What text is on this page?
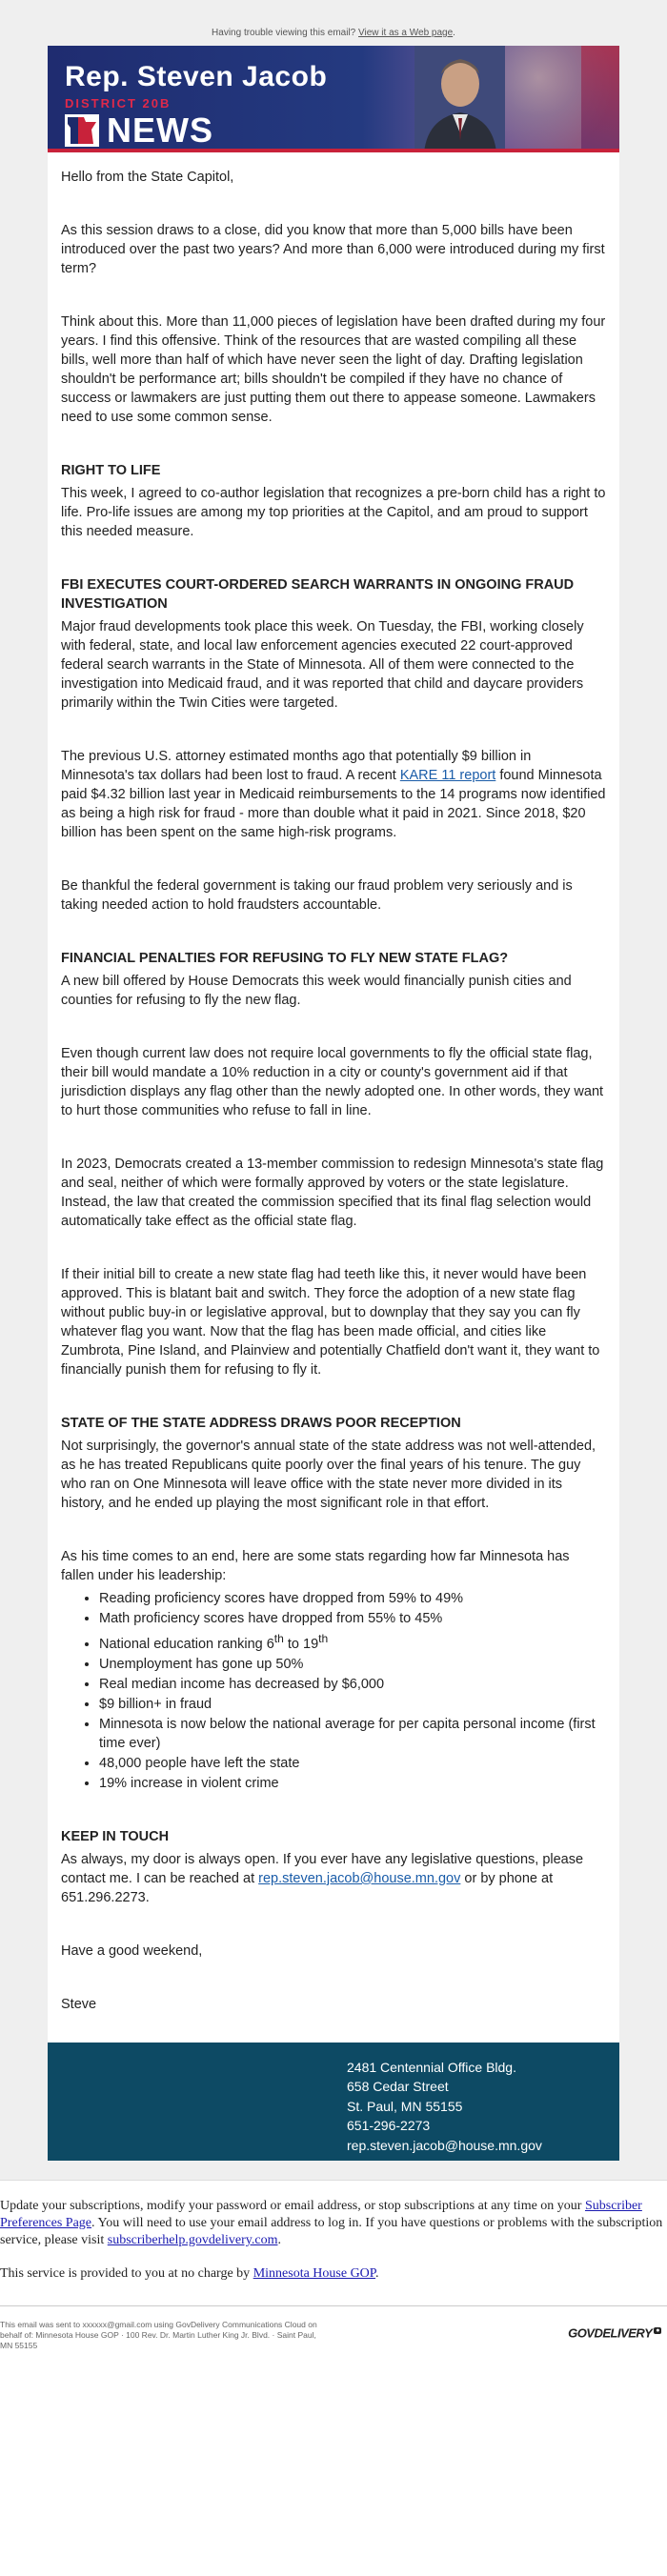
Having trouble viewing this email? View it as a Web page.
Rep. Steven Jacob
DISTRICT 20B
NEWS

Hello from the State Capitol,

As this session draws to a close, did you know that more than 5,000 bills have been introduced over the past two years? And more than 6,000 were introduced during my first term?

Think about this. More than 11,000 pieces of legislation have been drafted during my four years. I find this offensive. Think of the resources that are wasted compiling all these bills, well more than half of which have never seen the light of day. Drafting legislation shouldn't be performance art; bills shouldn't be compiled if they have no chance of success or lawmakers are just putting them out there to appease someone. Lawmakers need to use some common sense.

RIGHT TO LIFE

This week, I agreed to co-author legislation that recognizes a pre-born child has a right to life. Pro-life issues are among my top priorities at the Capitol, and am proud to support this needed measure.

FBI EXECUTES COURT-ORDERED SEARCH WARRANTS IN ONGOING FRAUD INVESTIGATION

Major fraud developments took place this week. On Tuesday, the FBI, working closely with federal, state, and local law enforcement agencies executed 22 court-approved federal search warrants in the State of Minnesota. All of them were connected to the investigation into Medicaid fraud, and it was reported that child and daycare providers primarily within the Twin Cities were targeted.

The previous U.S. attorney estimated months ago that potentially $9 billion in Minnesota's tax dollars had been lost to fraud. A recent KARE 11 report found Minnesota paid $4.32 billion last year in Medicaid reimbursements to the 14 programs now identified as being a high risk for fraud - more than double what it paid in 2021. Since 2018, $20 billion has been spent on the same high-risk programs.

Be thankful the federal government is taking our fraud problem very seriously and is taking needed action to hold fraudsters accountable.

FINANCIAL PENALTIES FOR REFUSING TO FLY NEW STATE FLAG?

A new bill offered by House Democrats this week would financially punish cities and counties for refusing to fly the new flag.

Even though current law does not require local governments to fly the official state flag, their bill would mandate a 10% reduction in a city or county's government aid if that jurisdiction displays any flag other than the newly adopted one. In other words, they want to hurt those communities who refuse to fall in line.

In 2023, Democrats created a 13-member commission to redesign Minnesota's state flag and seal, neither of which were formally approved by voters or the state legislature. Instead, the law that created the commission specified that its final flag selection would automatically take effect as the official state flag.

If their initial bill to create a new state flag had teeth like this, it never would have been approved. This is blatant bait and switch. They force the adoption of a new state flag without public buy-in or legislative approval, but to downplay that they say you can fly whatever flag you want. Now that the flag has been made official, and cities like Zumbrota, Pine Island, and Plainview and potentially Chatfield don't want it, they want to financially punish them for refusing to fly it.

STATE OF THE STATE ADDRESS DRAWS POOR RECEPTION

Not surprisingly, the governor's annual state of the state address was not well-attended, as he has treated Republicans quite poorly over the final years of his tenure. The guy who ran on One Minnesota will leave office with the state never more divided in its history, and he ended up playing the most significant role in that effort.

As his time comes to an end, here are some stats regarding how far Minnesota has fallen under his leadership:

• Reading proficiency scores have dropped from 59% to 49%
• Math proficiency scores have dropped from 55% to 45%
• National education ranking 6th to 19th
• Unemployment has gone up 50%
• Real median income has decreased by $6,000
• $9 billion+ in fraud
• Minnesota is now below the national average for per capita personal income (first time ever)
• 48,000 people have left the state
• 19% increase in violent crime
KEEP IN TOUCH

As always, my door is always open. If you ever have any legislative questions, please contact me. I can be reached at rep.steven.jacob@house.mn.gov or by phone at 651.296.2273.

Have a good weekend,

Steve

2481 Centennial Office Bldg.
658 Cedar Street
St. Paul, MN 55155
651-296-2273
rep.steven.jacob@house.mn.gov

Update your subscriptions, modify your password or email address, or stop subscriptions at any time on your Subscriber Preferences Page. You will need to use your email address to log in. If you have questions or problems with the subscription service, please visit subscriberhelp.govdelivery.com.

This service is provided to you at no charge by Minnesota House GOP.

This email was sent to xxxxxx@gmail.com using GovDelivery Communications Cloud on behalf of: Minnesota House GOP · 100 Rev. Dr. Martin Luther King Jr. Blvd. · Saint Paul, MN 55155
GOVDELIVERY ●
